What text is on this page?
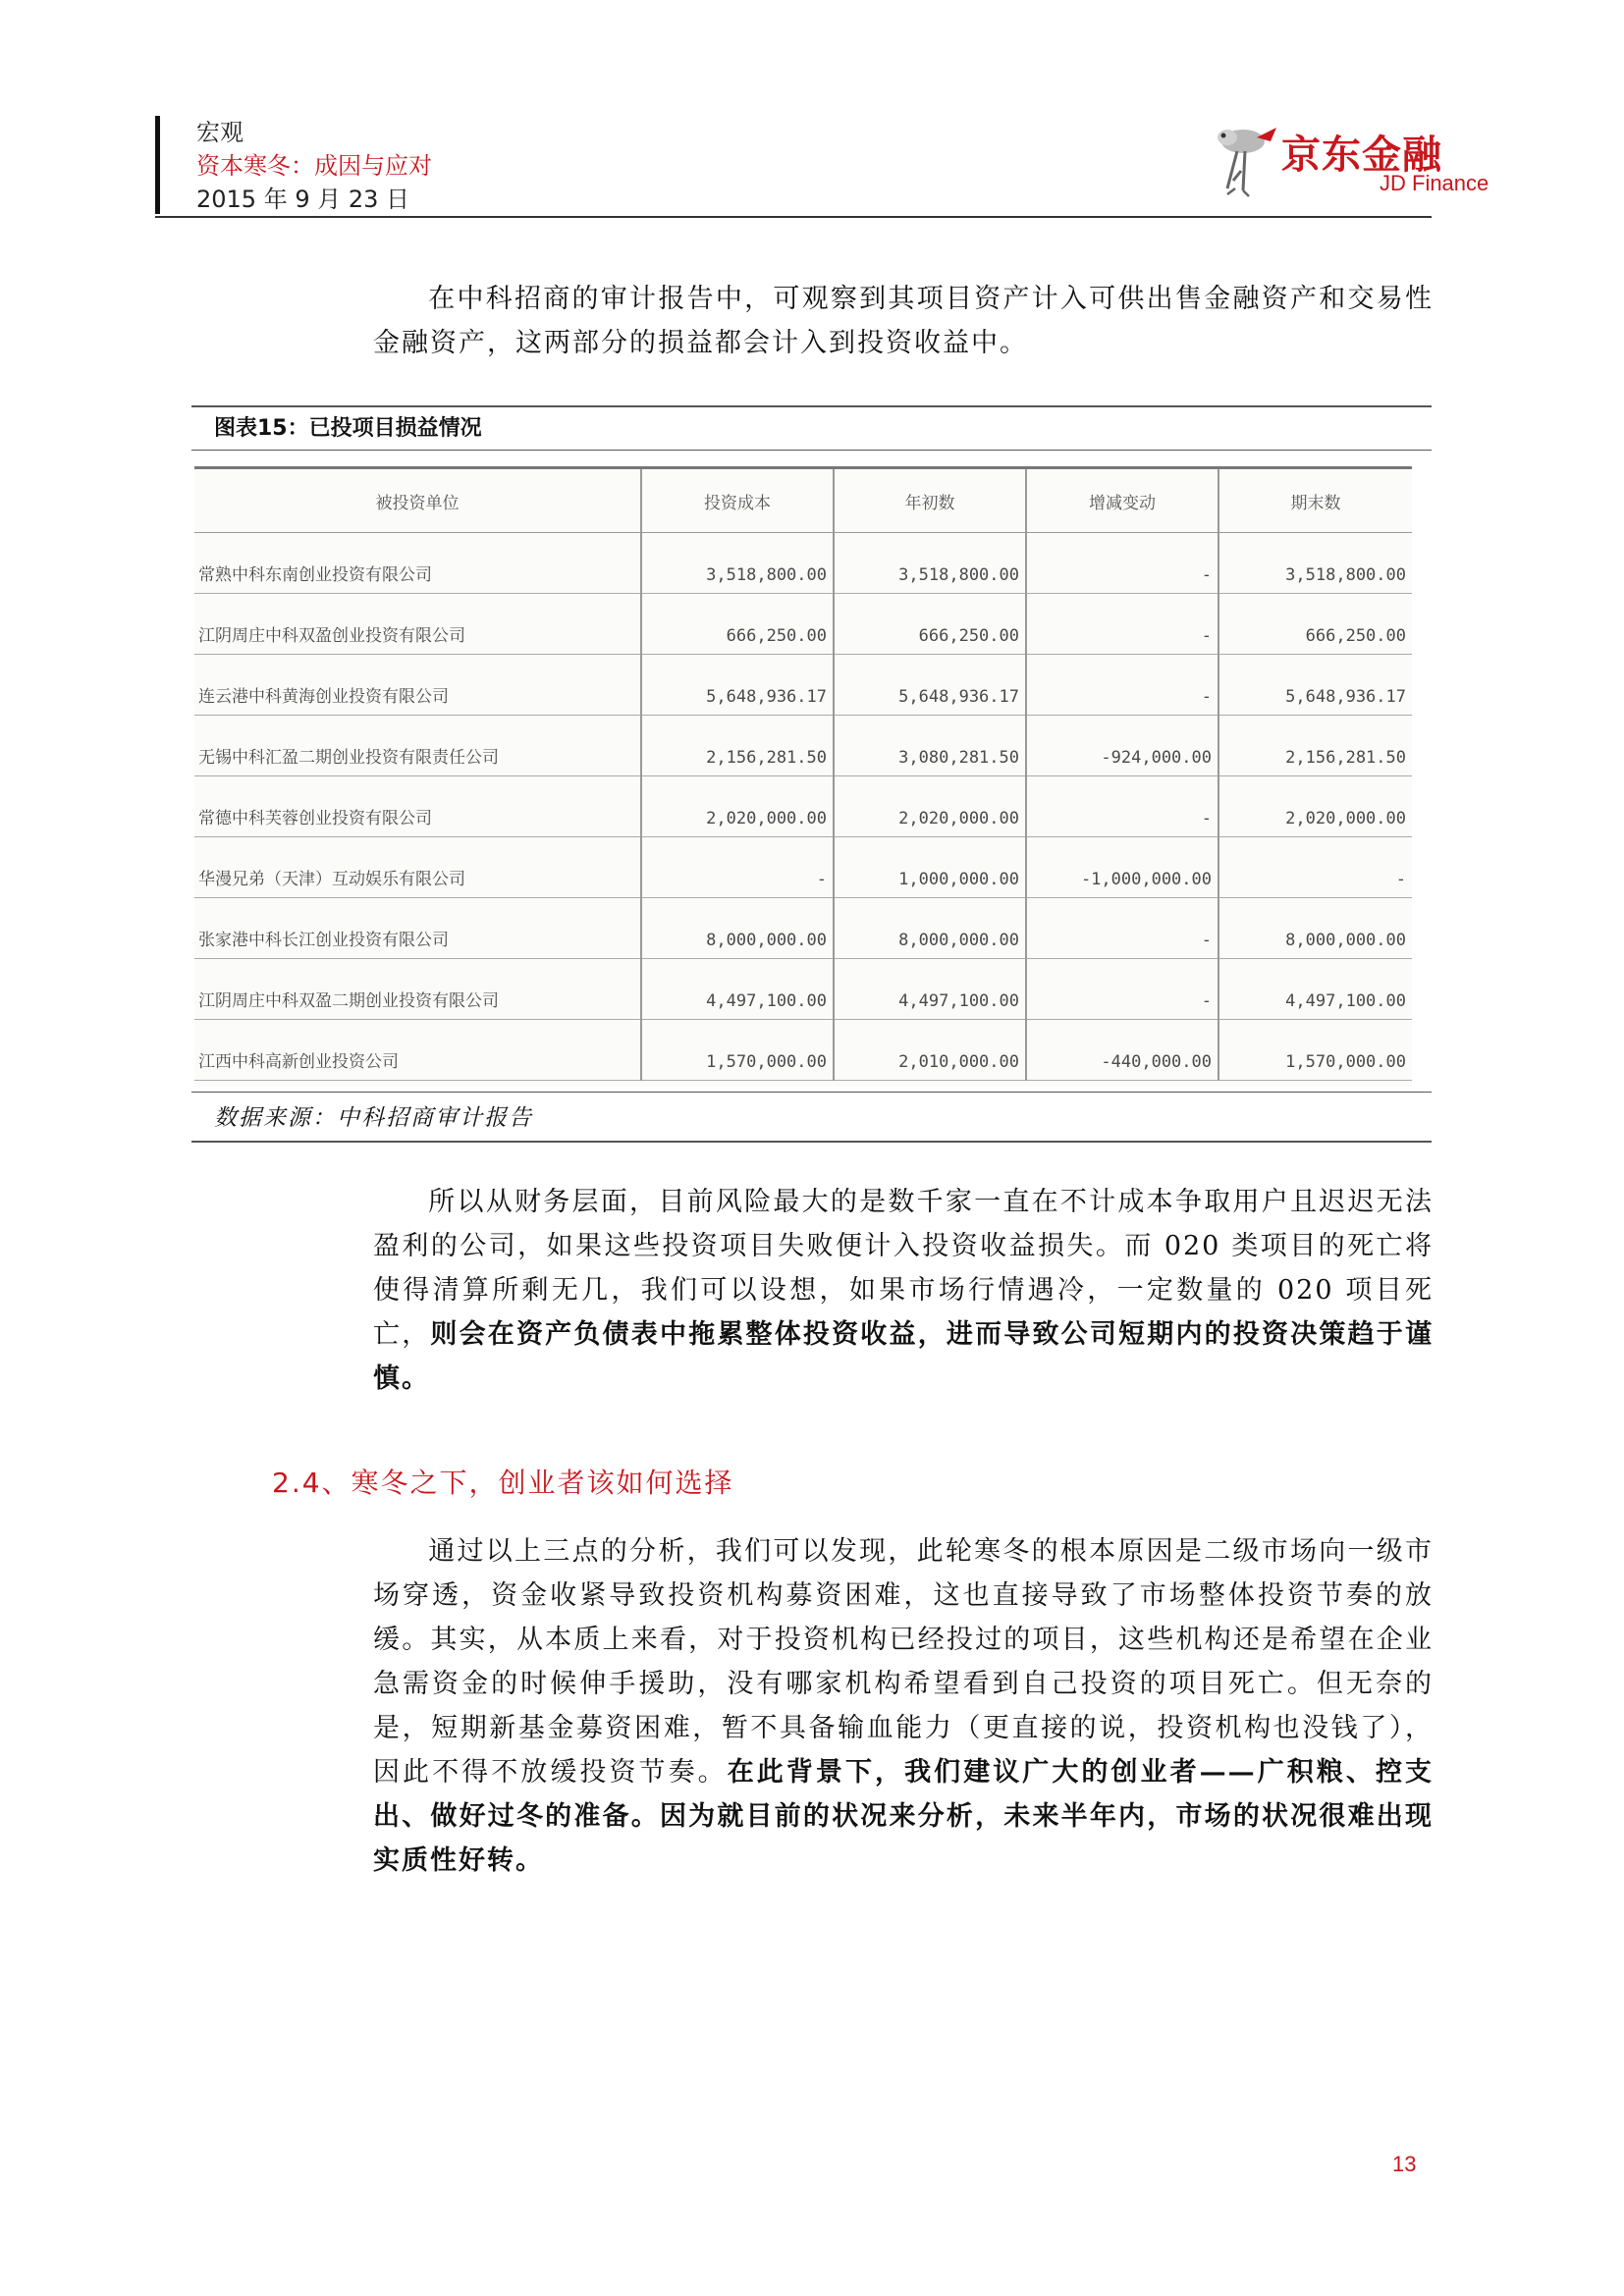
宏观
资本寒冬：成因与应对
2015 年 9 月 23 日
京东金融
JD Finance
在中科招商的审计报告中，可观察到其项目资产计入可供出售金融资产和交易性金融资产，这两部分的损益都会计入到投资收益中。
图表15：已投项目损益情况
被投资单位	投资成本	年初数	增减变动	期末数
常熟中科东南创业投资有限公司	3,518,800.00	3,518,800.00	-	3,518,800.00
江阴周庄中科双盈创业投资有限公司	666,250.00	666,250.00	-	666,250.00
连云港中科黄海创业投资有限公司	5,648,936.17	5,648,936.17	-	5,648,936.17
无锡中科汇盈二期创业投资有限责任公司	2,156,281.50	3,080,281.50	-924,000.00	2,156,281.50
常德中科芙蓉创业投资有限公司	2,020,000.00	2,020,000.00	-	2,020,000.00
华漫兄弟（天津）互动娱乐有限公司	-	1,000,000.00	-1,000,000.00	-
张家港中科长江创业投资有限公司	8,000,000.00	8,000,000.00	-	8,000,000.00
江阴周庄中科双盈二期创业投资有限公司	4,497,100.00	4,497,100.00	-	4,497,100.00
江西中科高新创业投资公司	1,570,000.00	2,010,000.00	-440,000.00	1,570,000.00
数据来源：中科招商审计报告
所以从财务层面，目前风险最大的是数千家一直在不计成本争取用户且迟迟无法盈利的公司，如果这些投资项目失败便计入投资收益损失。而 020 类项目的死亡将使得清算所剩无几，我们可以设想，如果市场行情遇冷，一定数量的 020 项目死亡，则会在资产负债表中拖累整体投资收益，进而导致公司短期内的投资决策趋于谨慎。
2.4、寒冬之下，创业者该如何选择
通过以上三点的分析，我们可以发现，此轮寒冬的根本原因是二级市场向一级市场穿透，资金收紧导致投资机构募资困难，这也直接导致了市场整体投资节奏的放缓。其实，从本质上来看，对于投资机构已经投过的项目，这些机构还是希望在企业急需资金的时候伸手援助，没有哪家机构希望看到自己投资的项目死亡。但无奈的是，短期新基金募资困难，暂不具备输血能力（更直接的说，投资机构也没钱了），因此不得不放缓投资节奏。在此背景下，我们建议广大的创业者——广积粮、控支出、做好过冬的准备。因为就目前的状况来分析，未来半年内，市场的状况很难出现实质性好转。
13
